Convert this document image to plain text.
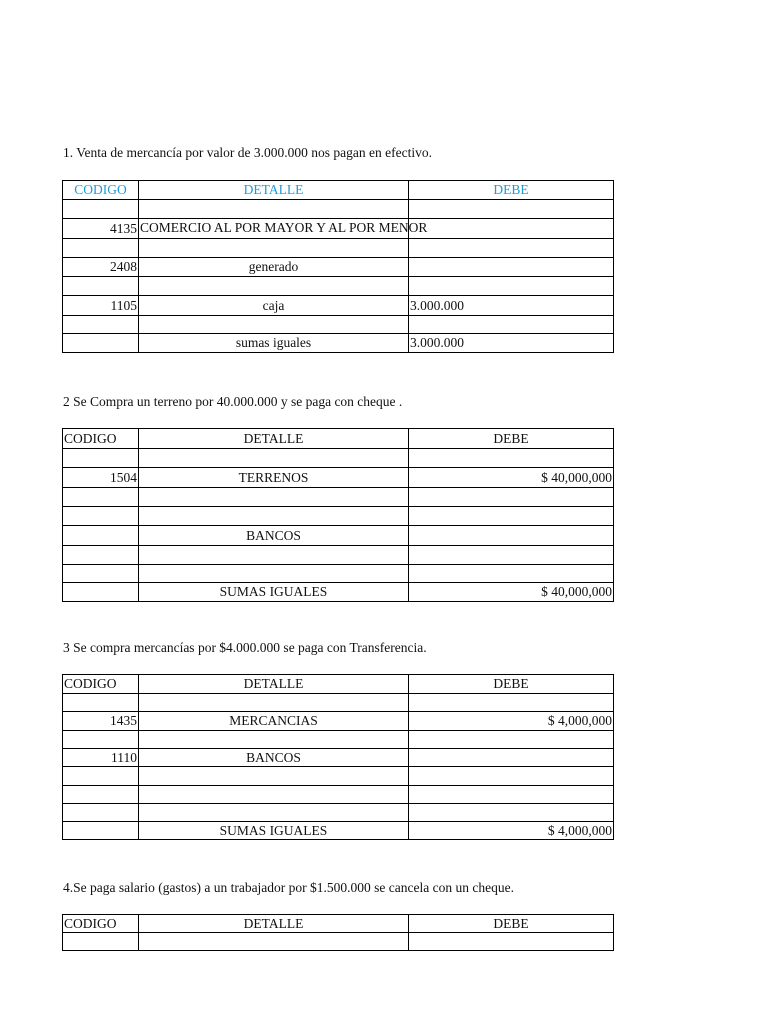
1. Venta de mercancía por valor de 3.000.000 nos pagan en efectivo.
CODIGO	DETALLE	DEBE

4135	COMERCIO AL POR MAYOR Y AL POR MENOR	

2408	generado	

1105	caja	3.000.000

	sumas iguales	3.000.000
2 Se Compra un terreno por 40.000.000 y se paga con cheque .
CODIGO	DETALLE	DEBE

1504	TERRENOS	$ 40,000,000

	BANCOS	

	SUMAS IGUALES	$ 40,000,000
3 Se compra mercancías por $4.000.000 se paga con Transferencia.
CODIGO	DETALLE	DEBE

1435	MERCANCIAS	$ 4,000,000

1110	BANCOS	

	SUMAS IGUALES	$ 4,000,000
4.Se paga salario (gastos) a un trabajador por $1.500.000 se cancela con un cheque.
CODIGO	DETALLE	DEBE
